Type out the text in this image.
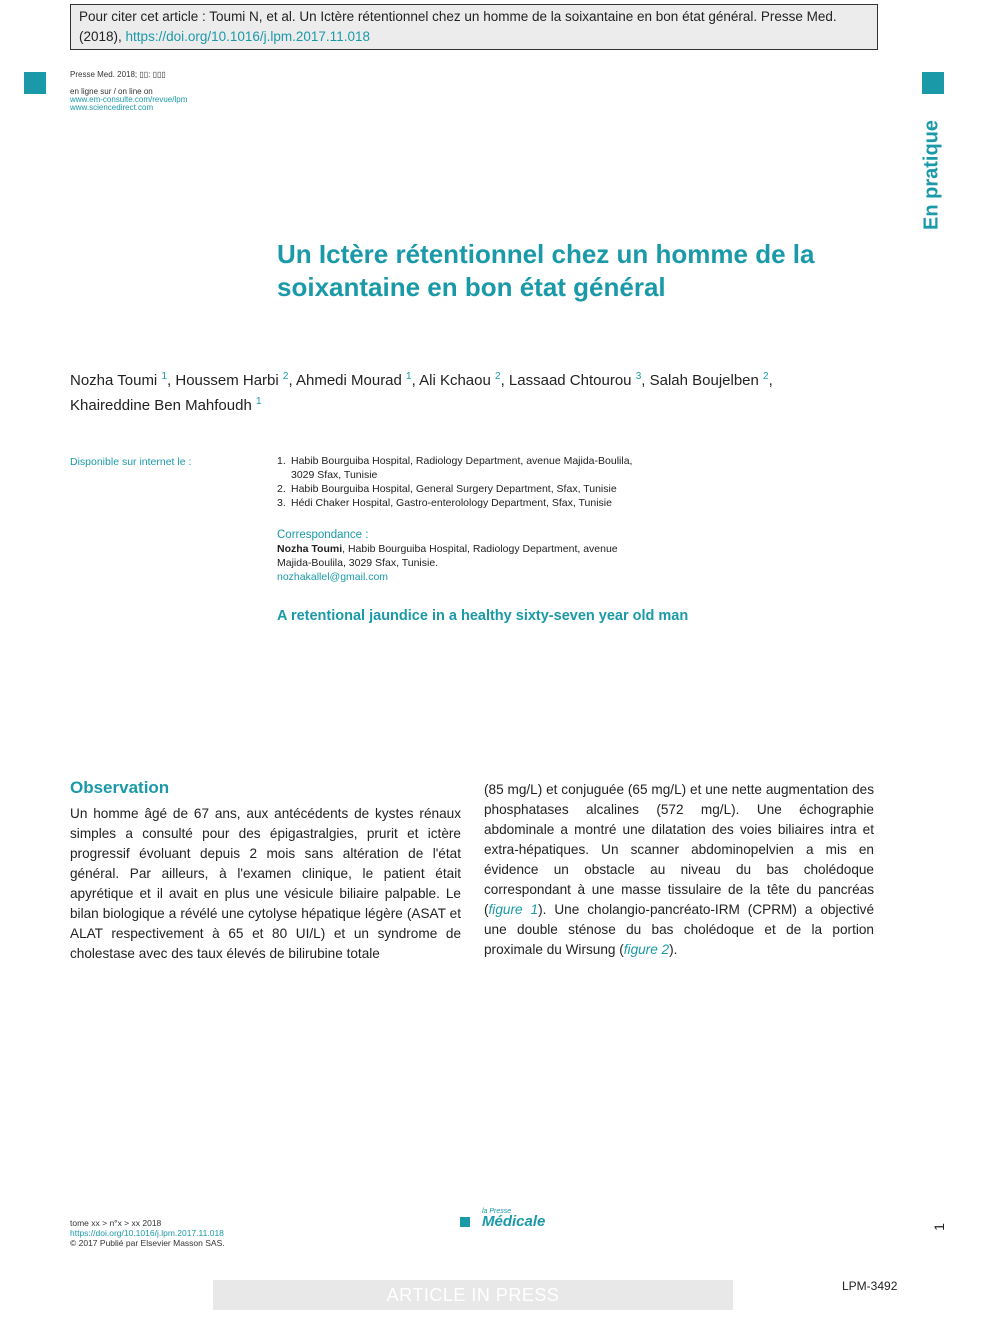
Pour citer cet article : Toumi N, et al. Un Ictère rétentionnel chez un homme de la soixantaine en bon état général. Presse Med. (2018), https://doi.org/10.1016/j.lpm.2017.11.018
Presse Med. 2018; ▯▯: ▯▯▯
en ligne sur / on line on
www.em-consulte.com/revue/lpm
www.sciencedirect.com
En pratique
Un Ictère rétentionnel chez un homme de la soixantaine en bon état général
Nozha Toumi $^1$, Houssem Harbi $^2$, Ahmedi Mourad $^1$, Ali Kchaou $^2$, Lassaad Chtourou $^3$, Salah Boujelben $^2$,
Khaireddine Ben Mahfoudh $^1$
Disponible sur internet le :	1. Habib Bourguiba Hospital, Radiology Department, avenue Majida-Boulila,
3029 Sfax, Tunisie
2. Habib Bourguiba Hospital, General Surgery Department, Sfax, Tunisie
3. Hédi Chaker Hospital, Gastro-enterolology Department, Sfax, Tunisie
Correspondance :
Nozha Toumi, Habib Bourguiba Hospital, Radiology Department, avenue
Majida-Boulila, 3029 Sfax, Tunisie.
nozhakallel@gmail.com
A retentional jaundice in a healthy sixty-seven year old man
Observation
Un homme âgé de 67 ans, aux antécédents de kystes rénaux simples a consulté pour des épigastralgies, prurit et ictère progressif évoluant depuis 2 mois sans altération de l'état général. Par ailleurs, à l'examen clinique, le patient était apyrétique et il avait en plus une vésicule biliaire palpable. Le bilan biologique a révélé une cytolyse hépatique légère (ASAT et ALAT respectivement à 65 et 80 UI/L) et un syndrome de cholestase avec des taux élevés de bilirubine totale
(85 mg/L) et conjuguée (65 mg/L) et une nette augmentation des phosphatases alcalines (572 mg/L). Une échographie abdominale a montré une dilatation des voies biliaires intra et extra-hépatiques. Un scanner abdominopelvien a mis en évidence un obstacle au niveau du bas cholédoque correspondant à une masse tissulaire de la tête du pancréas (figure 1). Une cholangio-pancréato-IRM (CPRM) a objectivé une double sténose du bas cholédoque et de la portion proximale du Wirsung (figure 2).
tome xx > n°x > xx 2018
https://doi.org/10.1016/j.lpm.2017.11.018
© 2017 Publié par Elsevier Masson SAS.
la Presse
Médicale	1
ARTICLE IN PRESS	LPM-3492
